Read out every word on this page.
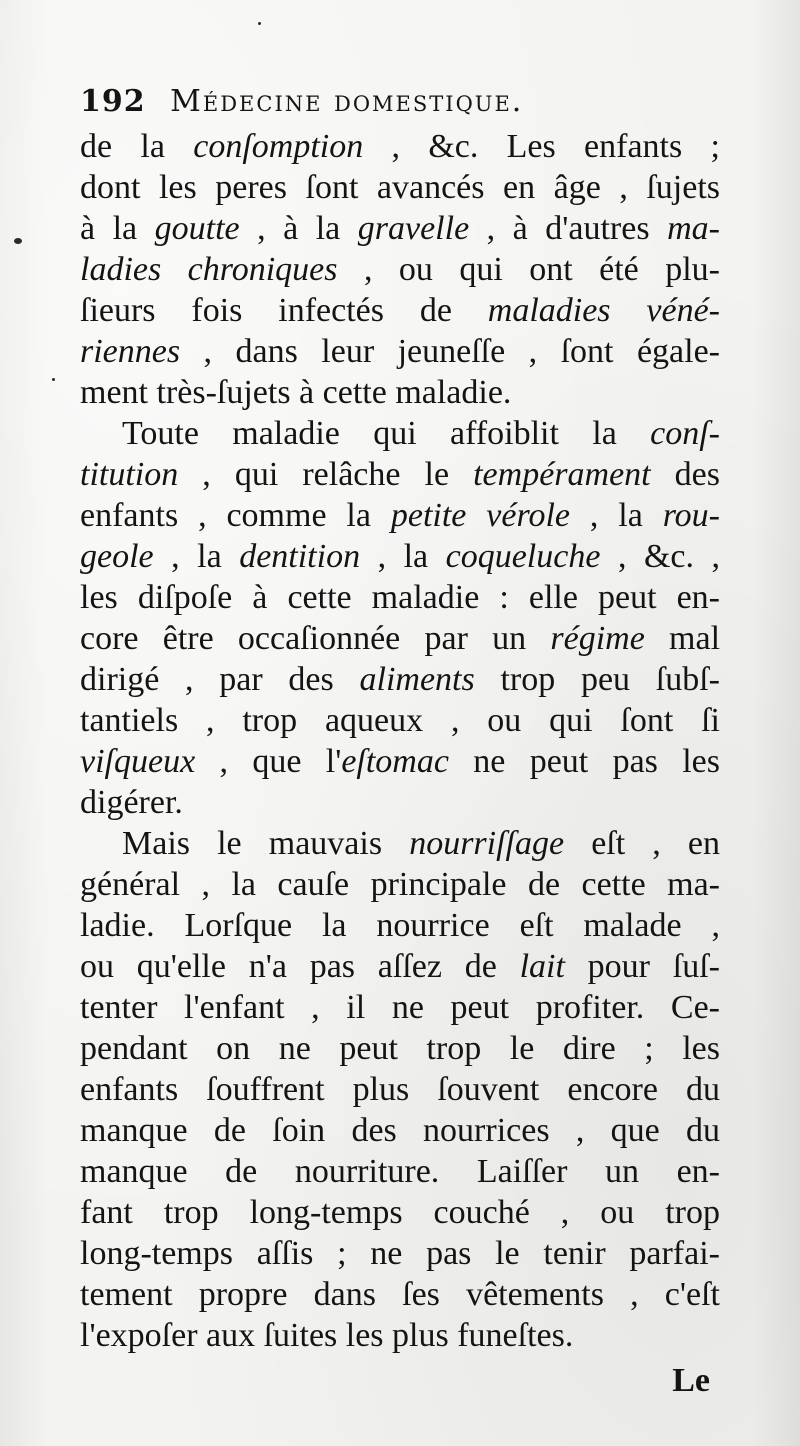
192 Médecine domestique.
de la conſomption , &c. Les enfants ;
dont les peres ſont avancés en âge , ſujets
à la goutte , à la gravelle , à d'autres ma-
ladies chroniques , ou qui ont été plu-
ſieurs fois infectés de maladies véné-
riennes , dans leur jeuneſſe , ſont égale-
ment très-ſujets à cette maladie.
Toute maladie qui affoiblit la conſ-
titution , qui relâche le tempérament des
enfants , comme la petite vérole , la rou-
geole , la dentition , la coqueluche , &c. ,
les diſpoſe à cette maladie : elle peut en-
core être occaſionnée par un régime mal
dirigé , par des aliments trop peu ſubſ-
tantiels , trop aqueux , ou qui ſont ſi
viſqueux , que l'eſtomac ne peut pas les
digérer.
Mais le mauvais nourriſſage eſt , en
général , la cauſe principale de cette ma-
ladie. Lorſque la nourrice eſt malade ,
ou qu'elle n'a pas aſſez de lait pour ſuſ-
tenter l'enfant , il ne peut profiter. Ce-
pendant on ne peut trop le dire ; les
enfants ſouffrent plus ſouvent encore du
manque de ſoin des nourrices , que du
manque de nourriture. Laiſſer un en-
fant trop long-temps couché , ou trop
long-temps aſſis ; ne pas le tenir parfai-
tement propre dans ſes vêtements , c'eſt
l'expoſer aux ſuites les plus funeſtes.
Le
